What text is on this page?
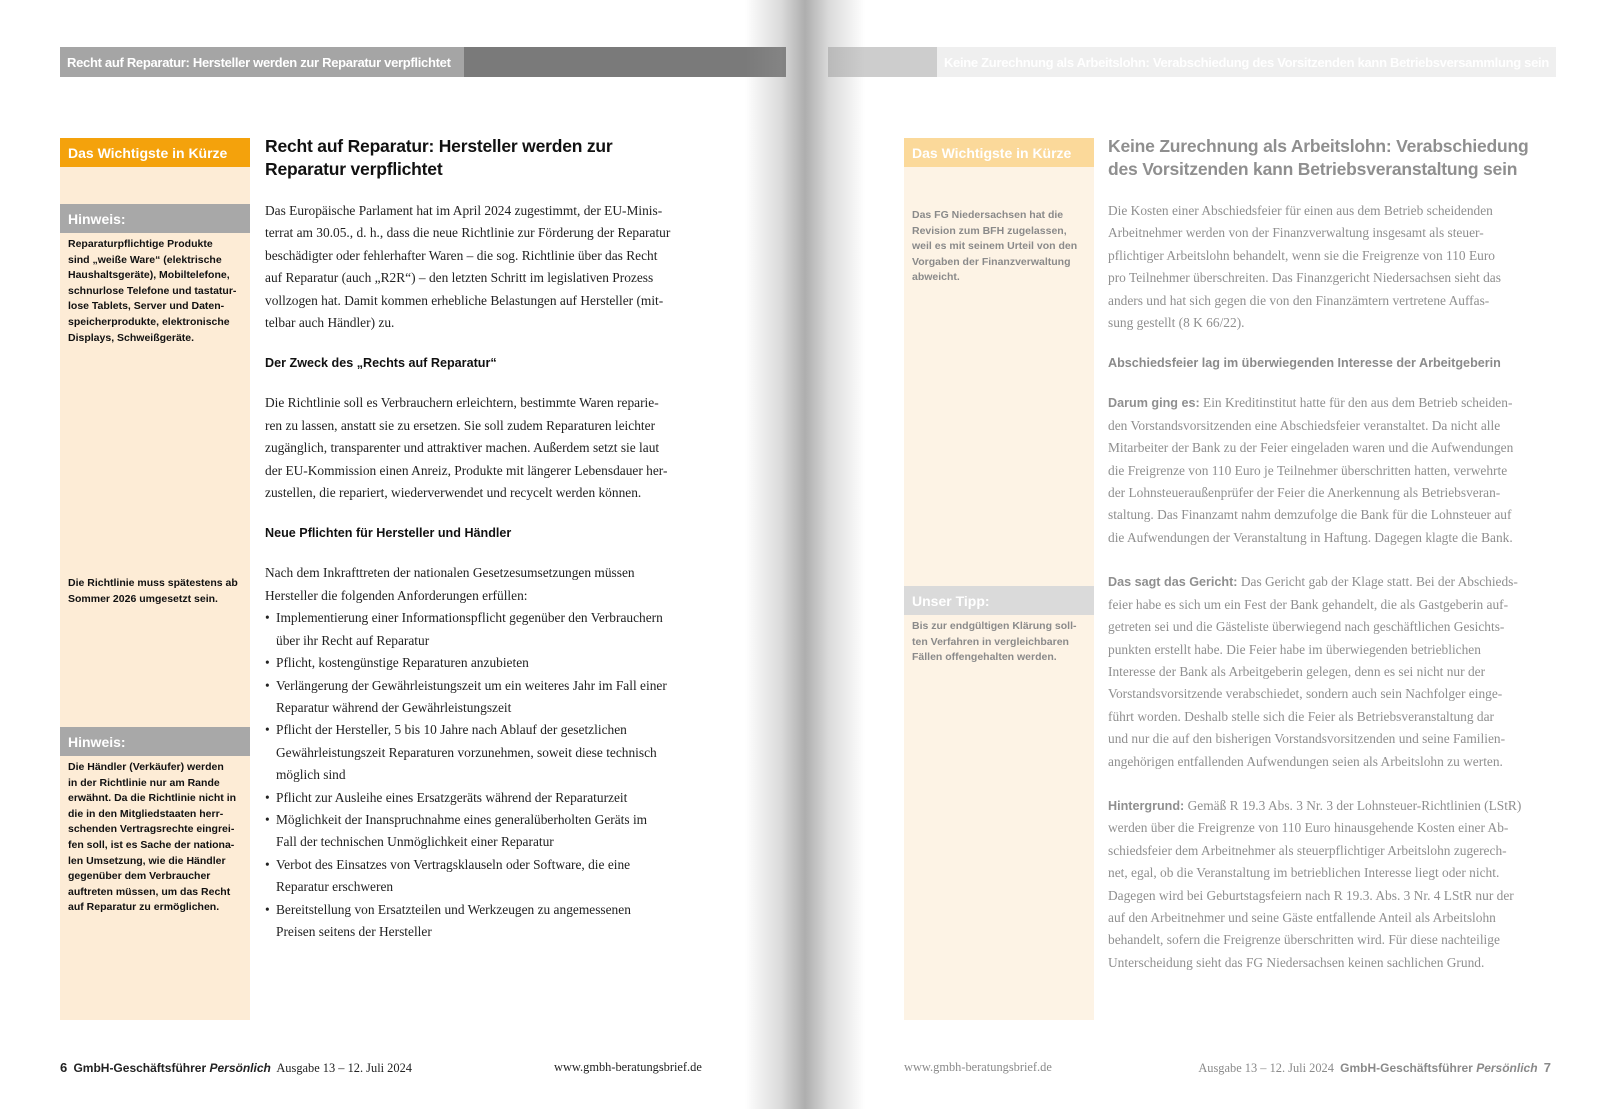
Recht auf Reparatur: Hersteller werden zur Reparatur verpflichtet
Das Wichtigste in Kürze
Hinweis:
Reparaturpflichtige Produkte
sind „weiße Ware“ (elektrische
Haushaltsgeräte), Mobiltelefone,
schnurlose Telefone und tastatur-
lose Tablets, Server und Daten-
speicherprodukte, elektronische
Displays, Schweißgeräte.
Die Richtlinie muss spätestens ab
Sommer 2026 umgesetzt sein.
Hinweis:
Die Händler (Verkäufer) werden
in der Richtlinie nur am Rande
erwähnt. Da die Richtlinie nicht in
die in den Mitgliedstaaten herr-
schenden Vertragsrechte eingrei-
fen soll, ist es Sache der nationa-
len Umsetzung, wie die Händler
gegenüber dem Verbraucher
auftreten müssen, um das Recht
auf Reparatur zu ermöglichen.
Recht auf Reparatur: Hersteller werden zur
Reparatur verpflichtet
Das Europäische Parlament hat im April 2024 zugestimmt, der EU-Minis-
terrat am 30.05., d. h., dass die neue Richtlinie zur Förderung der Reparatur
beschädigter oder fehlerhafter Waren – die sog. Richtlinie über das Recht
auf Reparatur (auch „R2R“) – den letzten Schritt im legislativen Prozess
vollzogen hat. Damit kommen erhebliche Belastungen auf Hersteller (mit-
telbar auch Händler) zu.
Der Zweck des „Rechts auf Reparatur“
Die Richtlinie soll es Verbrauchern erleichtern, bestimmte Waren reparie-
ren zu lassen, anstatt sie zu ersetzen. Sie soll zudem Reparaturen leichter
zugänglich, transparenter und attraktiver machen. Außerdem setzt sie laut
der EU-Kommission einen Anreiz, Produkte mit längerer Lebensdauer her-
zustellen, die repariert, wiederverwendet und recycelt werden können.
Neue Pflichten für Hersteller und Händler
Nach dem Inkrafttreten der nationalen Gesetzesumsetzungen müssen
Hersteller die folgenden Anforderungen erfüllen:
• Implementierung einer Informationspflicht gegenüber den Verbrauchern
über ihr Recht auf Reparatur
• Pflicht, kostengünstige Reparaturen anzubieten
• Verlängerung der Gewährleistungszeit um ein weiteres Jahr im Fall einer
Reparatur während der Gewährleistungszeit
• Pflicht der Hersteller, 5 bis 10 Jahre nach Ablauf der gesetzlichen
Gewährleistungszeit Reparaturen vorzunehmen, soweit diese technisch
möglich sind
• Pflicht zur Ausleihe eines Ersatzgeräts während der Reparaturzeit
• Möglichkeit der Inanspruchnahme eines generalüberholten Geräts im
Fall der technischen Unmöglichkeit einer Reparatur
• Verbot des Einsatzes von Vertragsklauseln oder Software, die eine
Reparatur erschweren
• Bereitstellung von Ersatzteilen und Werkzeugen zu angemessenen
Preisen seitens der Hersteller
6 GmbH-Geschäftsführer Persönlich Ausgabe 13 – 12. Juli 2024	www.gmbh-beratungsbrief.de
Keine Zurechnung als Arbeitslohn: Verabschiedung des Vorsitzenden kann Betriebsversammlung sein
Das Wichtigste in Kürze
Das FG Niedersachsen hat die
Revision zum BFH zugelassen,
weil es mit seinem Urteil von den
Vorgaben der Finanzverwaltung
abweicht.
Unser Tipp:
Bis zur endgültigen Klärung soll-
ten Verfahren in vergleichbaren
Fällen offengehalten werden.
Keine Zurechnung als Arbeitslohn: Verabschiedung
des Vorsitzenden kann Betriebsveranstaltung sein
Die Kosten einer Abschiedsfeier für einen aus dem Betrieb scheidenden
Arbeitnehmer werden von der Finanzverwaltung insgesamt als steuer-
pflichtiger Arbeitslohn behandelt, wenn sie die Freigrenze von 110 Euro
pro Teilnehmer überschreiten. Das Finanzgericht Niedersachsen sieht das
anders und hat sich gegen die von den Finanzämtern vertretene Auffas-
sung gestellt (8 K 66/22).
Abschiedsfeier lag im überwiegenden Interesse der Arbeitgeberin
Darum ging es: Ein Kreditinstitut hatte für den aus dem Betrieb scheiden-
den Vorstandsvorsitzenden eine Abschiedsfeier veranstaltet. Da nicht alle
Mitarbeiter der Bank zu der Feier eingeladen waren und die Aufwendungen
die Freigrenze von 110 Euro je Teilnehmer überschritten hatten, verwehrte
der Lohnsteueraußenprüfer der Feier die Anerkennung als Betriebsveran-
staltung. Das Finanzamt nahm demzufolge die Bank für die Lohnsteuer auf
die Aufwendungen der Veranstaltung in Haftung. Dagegen klagte die Bank.
Das sagt das Gericht: Das Gericht gab der Klage statt. Bei der Abschieds-
feier habe es sich um ein Fest der Bank gehandelt, die als Gastgeberin auf-
getreten sei und die Gästeliste überwiegend nach geschäftlichen Gesichts-
punkten erstellt habe. Die Feier habe im überwiegenden betrieblichen
Interesse der Bank als Arbeitgeberin gelegen, denn es sei nicht nur der
Vorstandsvorsitzende verabschiedet, sondern auch sein Nachfolger einge-
führt worden. Deshalb stelle sich die Feier als Betriebsveranstaltung dar
und nur die auf den bisherigen Vorstandsvorsitzenden und seine Familien-
angehörigen entfallenden Aufwendungen seien als Arbeitslohn zu werten.
Hintergrund: Gemäß R 19.3 Abs. 3 Nr. 3 der Lohnsteuer-Richtlinien (LStR)
werden über die Freigrenze von 110 Euro hinausgehende Kosten einer Ab-
schiedsfeier dem Arbeitnehmer als steuerpflichtiger Arbeitslohn zugerech-
net, egal, ob die Veranstaltung im betrieblichen Interesse liegt oder nicht.
Dagegen wird bei Geburtstagsfeiern nach R 19.3. Abs. 3 Nr. 4 LStR nur der
auf den Arbeitnehmer und seine Gäste entfallende Anteil als Arbeitslohn
behandelt, sofern die Freigrenze überschritten wird. Für diese nachteilige
Unterscheidung sieht das FG Niedersachsen keinen sachlichen Grund.
www.gmbh-beratungsbrief.de	Ausgabe 13 – 12. Juli 2024 GmbH-Geschäftsführer Persönlich 7
